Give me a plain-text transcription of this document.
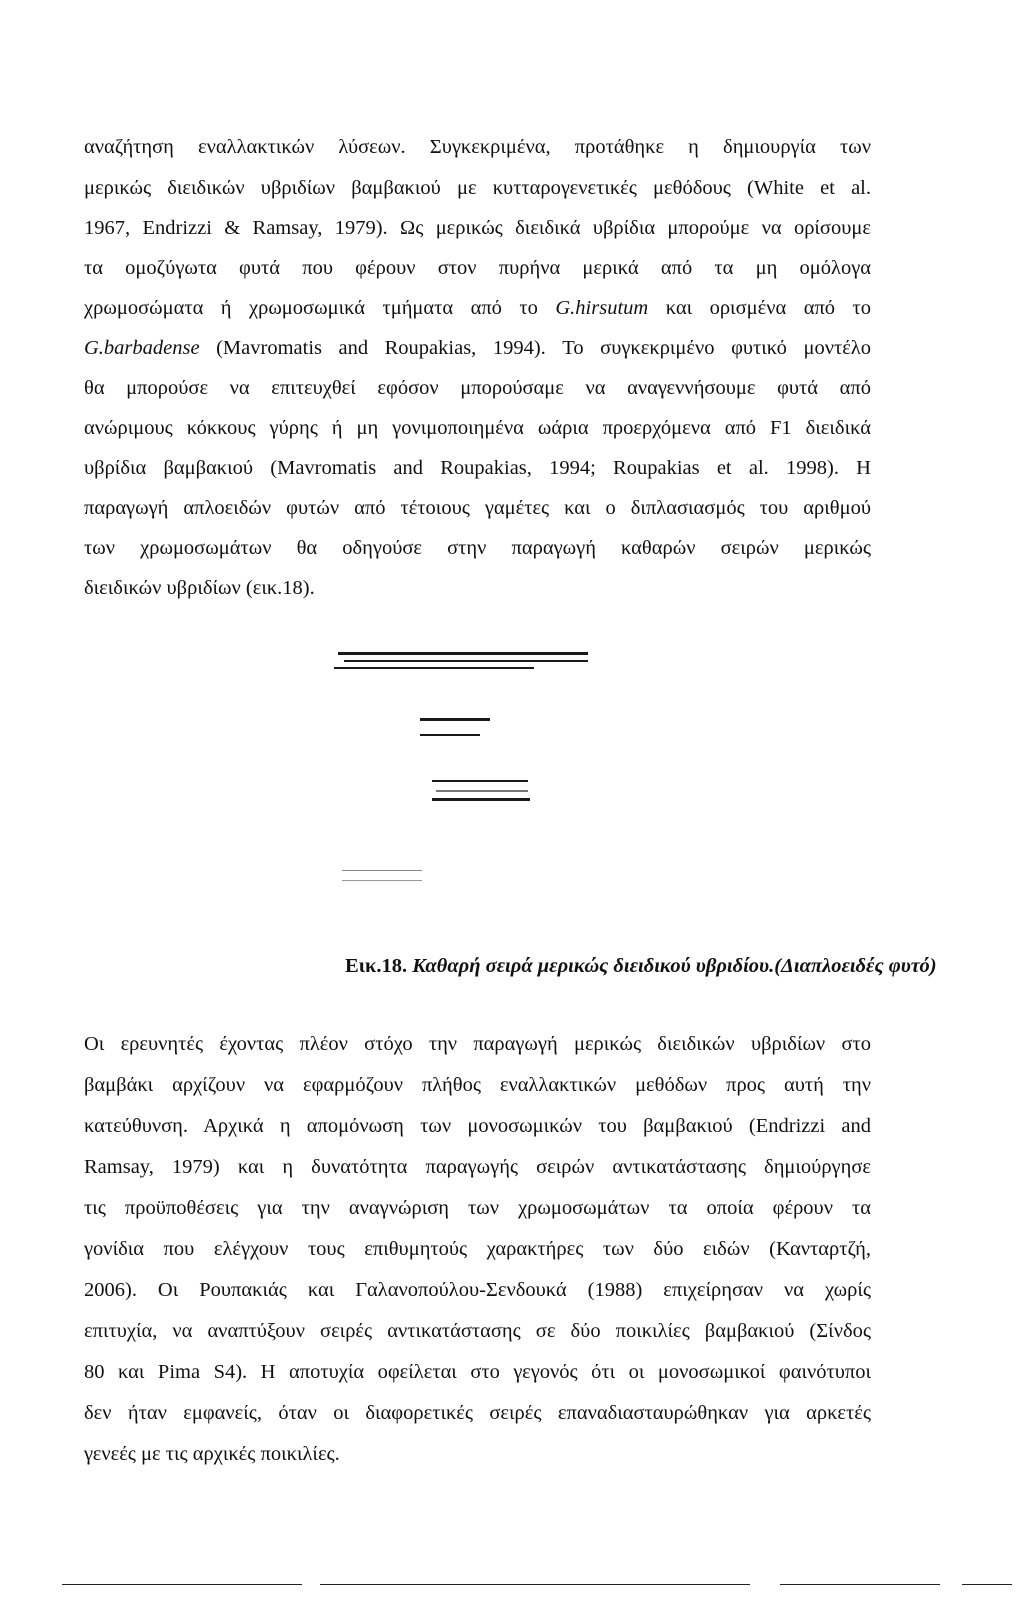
αναζήτηση εναλλακτικών λύσεων. Συγκεκριμένα, προτάθηκε η δημιουργία των
μερικώς διειδικών υβριδίων βαμβακιού με κυτταρογενετικές μεθόδους (White et al.
1967, Endrizzi & Ramsay, 1979). Ως μερικώς διειδικά υβρίδια μπορούμε να ορίσουμε
τα ομοζύγωτα φυτά που φέρουν στον πυρήνα μερικά από τα μη ομόλογα
χρωμοσώματα ή χρωμοσωμικά τμήματα από το G.hirsutum και ορισμένα από το
G.barbadense (Mavromatis and Roupakias, 1994). Το συγκεκριμένο φυτικό μοντέλο
θα μπορούσε να επιτευχθεί εφόσον μπορούσαμε να αναγεννήσουμε φυτά από
ανώριμους κόκκους γύρης ή μη γονιμοποιημένα ωάρια προερχόμενα από F1 διειδικά
υβρίδια βαμβακιού (Mavromatis and Roupakias, 1994; Roupakias et al. 1998). Η
παραγωγή απλοειδών φυτών από τέτοιους γαμέτες και ο διπλασιασμός του αριθμού
των χρωμοσωμάτων θα οδηγούσε στην παραγωγή καθαρών σειρών μερικώς
διειδικών υβριδίων (εικ.18).
Εικ.18. Καθαρή σειρά μερικώς διειδικού υβριδίου.(Διαπλοειδές φυτό)
Οι ερευνητές έχοντας πλέον στόχο την παραγωγή μερικώς διειδικών υβριδίων στο
βαμβάκι αρχίζουν να εφαρμόζουν πλήθος εναλλακτικών μεθόδων προς αυτή την
κατεύθυνση. Αρχικά η απομόνωση των μονοσωμικών του βαμβακιού (Endrizzi and
Ramsay, 1979) και η δυνατότητα παραγωγής σειρών αντικατάστασης δημιούργησε
τις προϋποθέσεις για την αναγνώριση των χρωμοσωμάτων τα οποία φέρουν τα
γονίδια που ελέγχουν τους επιθυμητούς χαρακτήρες των δύο ειδών (Κανταρτζή,
2006). Οι Ρουπακιάς και Γαλανοπούλου-Σενδουκά (1988) επιχείρησαν να χωρίς
επιτυχία, να αναπτύξουν σειρές αντικατάστασης σε δύο ποικιλίες βαμβακιού (Σίνδος
80 και Pima S4). Η αποτυχία οφείλεται στο γεγονός ότι οι μονοσωμικοί φαινότυποι
δεν ήταν εμφανείς, όταν οι διαφορετικές σειρές επαναδιασταυρώθηκαν για αρκετές
γενεές με τις αρχικές ποικιλίες.
